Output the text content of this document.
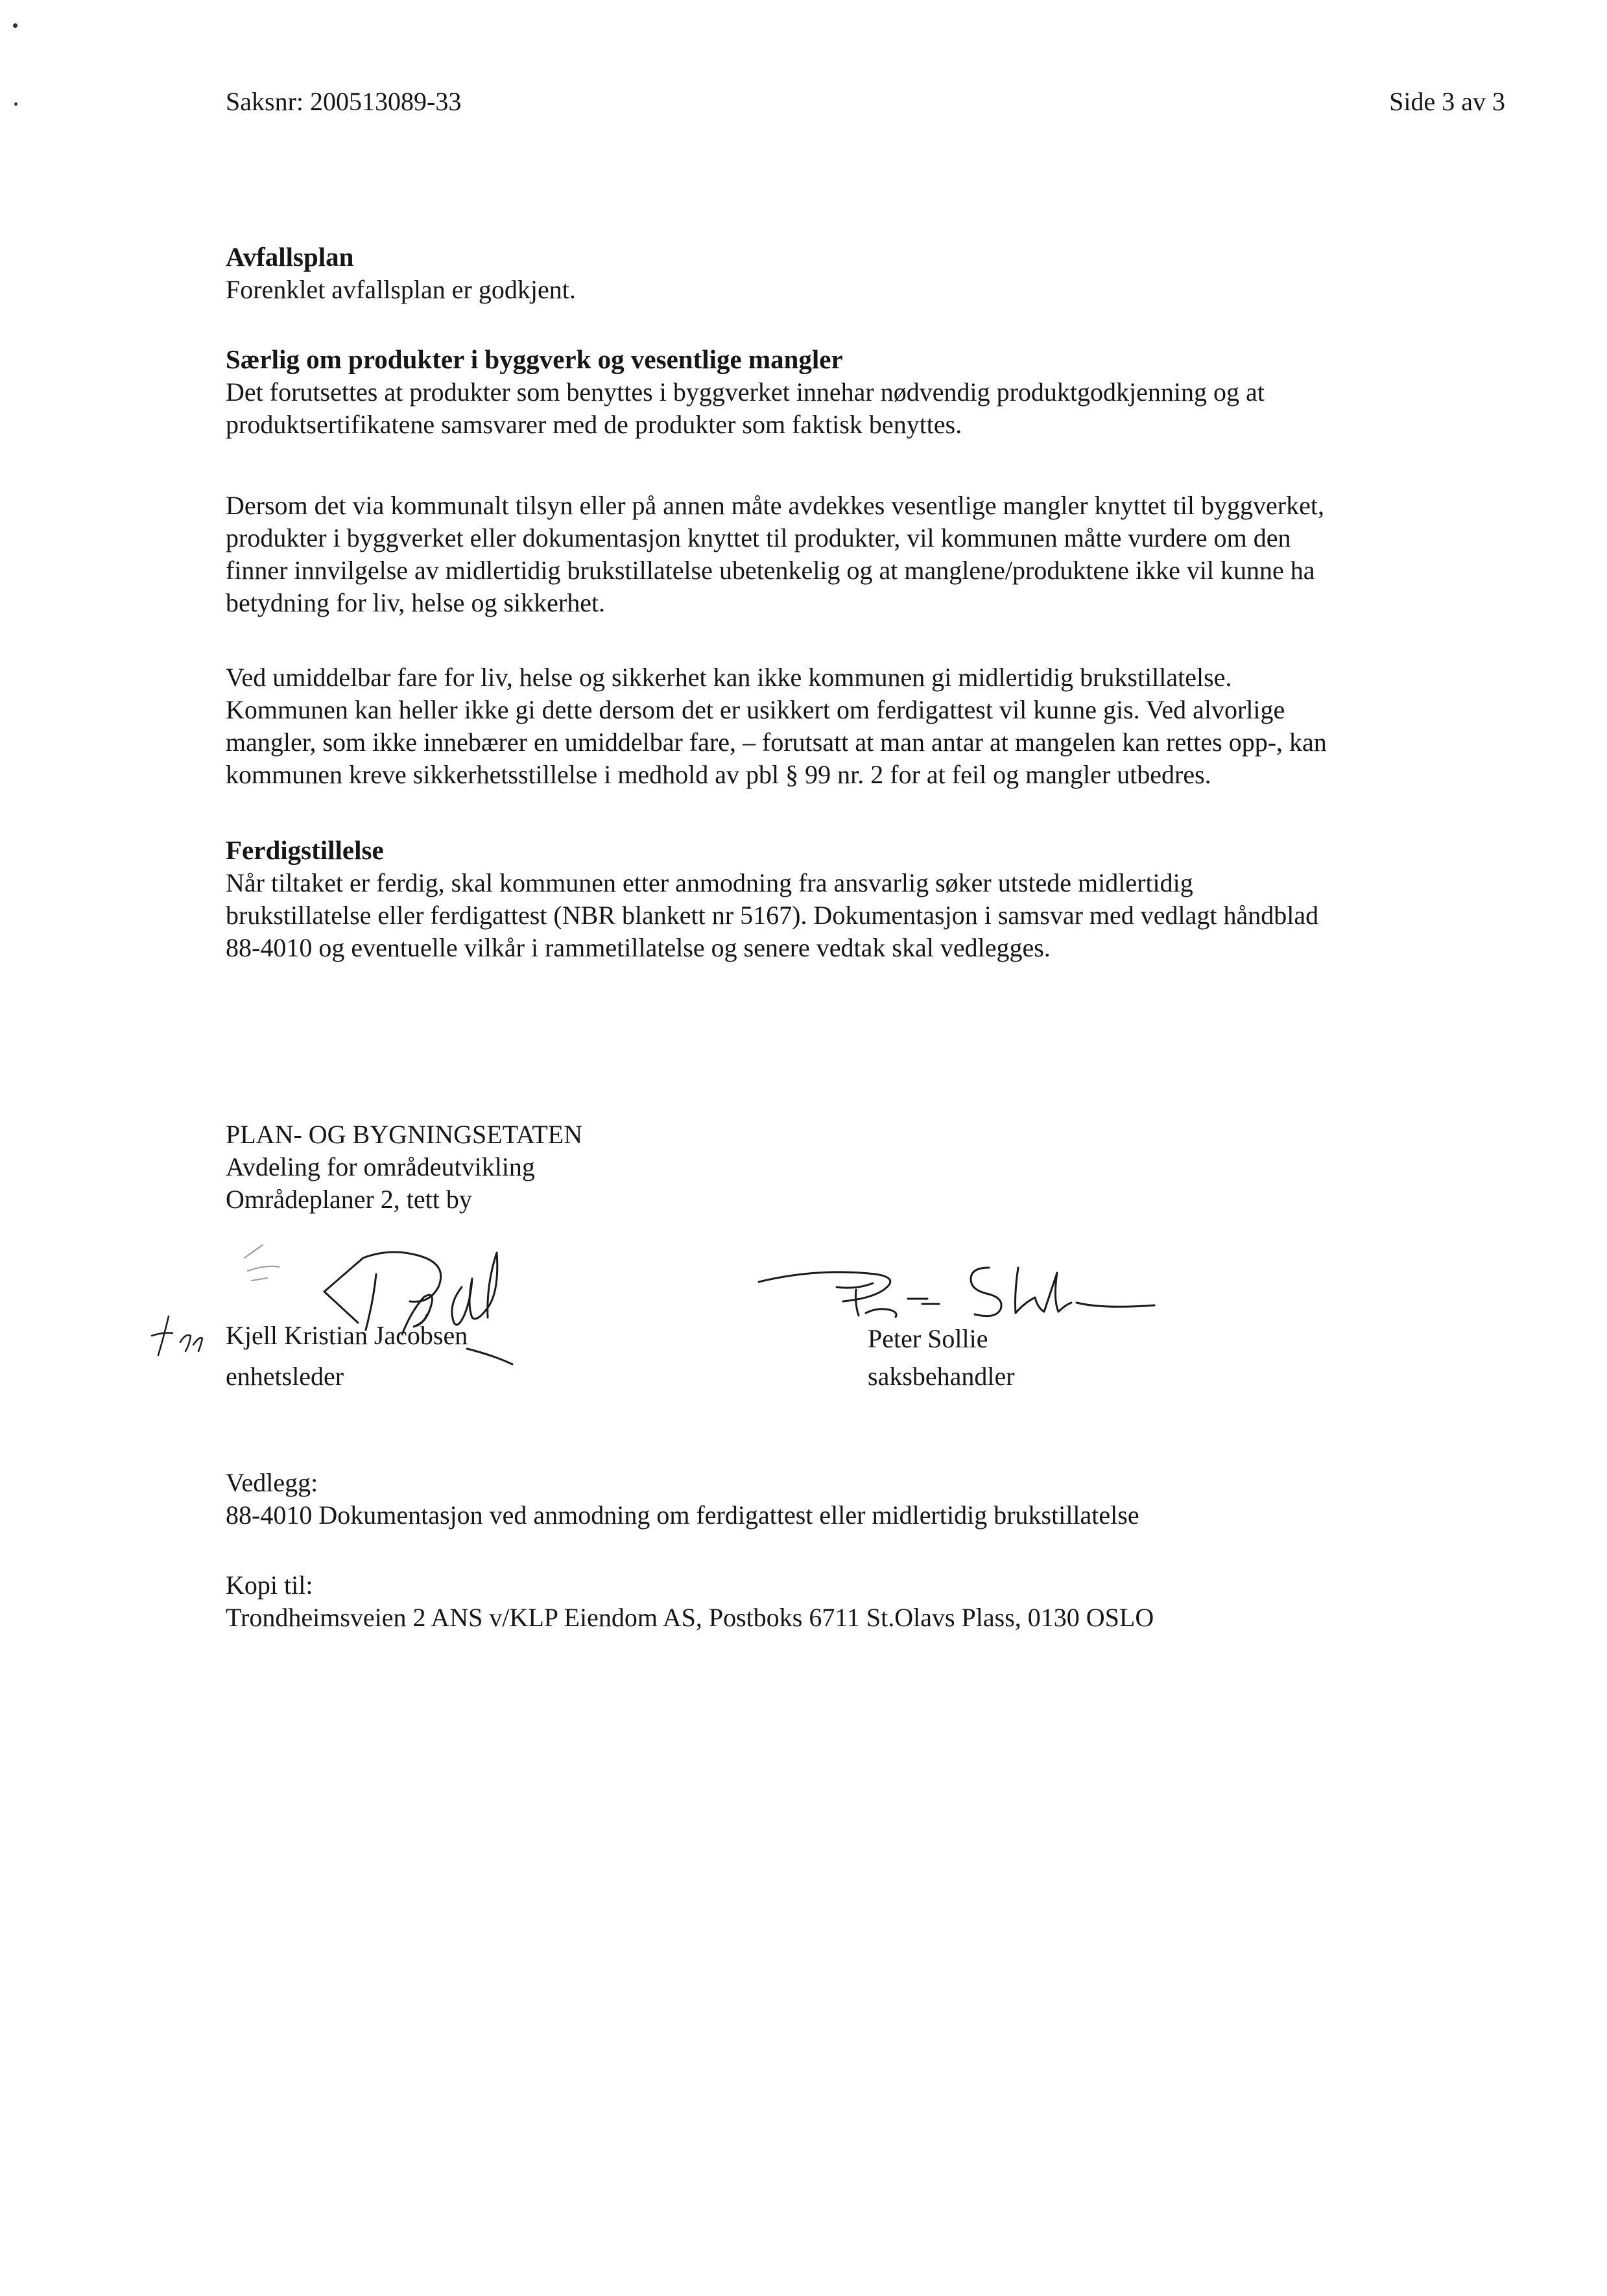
Saksnr: 200513089-33	Side 3 av 3
Avfallsplan
Forenklet avfallsplan er godkjent.
Særlig om produkter i byggverk og vesentlige mangler
Det forutsettes at produkter som benyttes i byggverket innehar nødvendig produktgodkjenning og at
produktsertifikatene samsvarer med de produkter som faktisk benyttes.
Dersom det via kommunalt tilsyn eller på annen måte avdekkes vesentlige mangler knyttet til byggverket,
produkter i byggverket eller dokumentasjon knyttet til produkter, vil kommunen måtte vurdere om den
finner innvilgelse av midlertidig brukstillatelse ubetenkelig og at manglene/produktene ikke vil kunne ha
betydning for liv, helse og sikkerhet.
Ved umiddelbar fare for liv, helse og sikkerhet kan ikke kommunen gi midlertidig brukstillatelse.
Kommunen kan heller ikke gi dette dersom det er usikkert om ferdigattest vil kunne gis. Ved alvorlige
mangler, som ikke innebærer en umiddelbar fare, – forutsatt at man antar at mangelen kan rettes opp-, kan
kommunen kreve sikkerhetsstillelse i medhold av pbl § 99 nr. 2 for at feil og mangler utbedres.
Ferdigstillelse
Når tiltaket er ferdig, skal kommunen etter anmodning fra ansvarlig søker utstede midlertidig
brukstillatelse eller ferdigattest (NBR blankett nr 5167). Dokumentasjon i samsvar med vedlagt håndblad
88-4010 og eventuelle vilkår i rammetillatelse og senere vedtak skal vedlegges.
PLAN- OG BYGNINGSETATEN
Avdeling for områdeutvikling
Områdeplaner 2, tett by
Kjell Kristian Jacobsen
enhetsleder
Peter Sollie
saksbehandler
Vedlegg:
88-4010 Dokumentasjon ved anmodning om ferdigattest eller midlertidig brukstillatelse
Kopi til:
Trondheimsveien 2 ANS v/KLP Eiendom AS, Postboks 6711 St.Olavs Plass, 0130 OSLO
